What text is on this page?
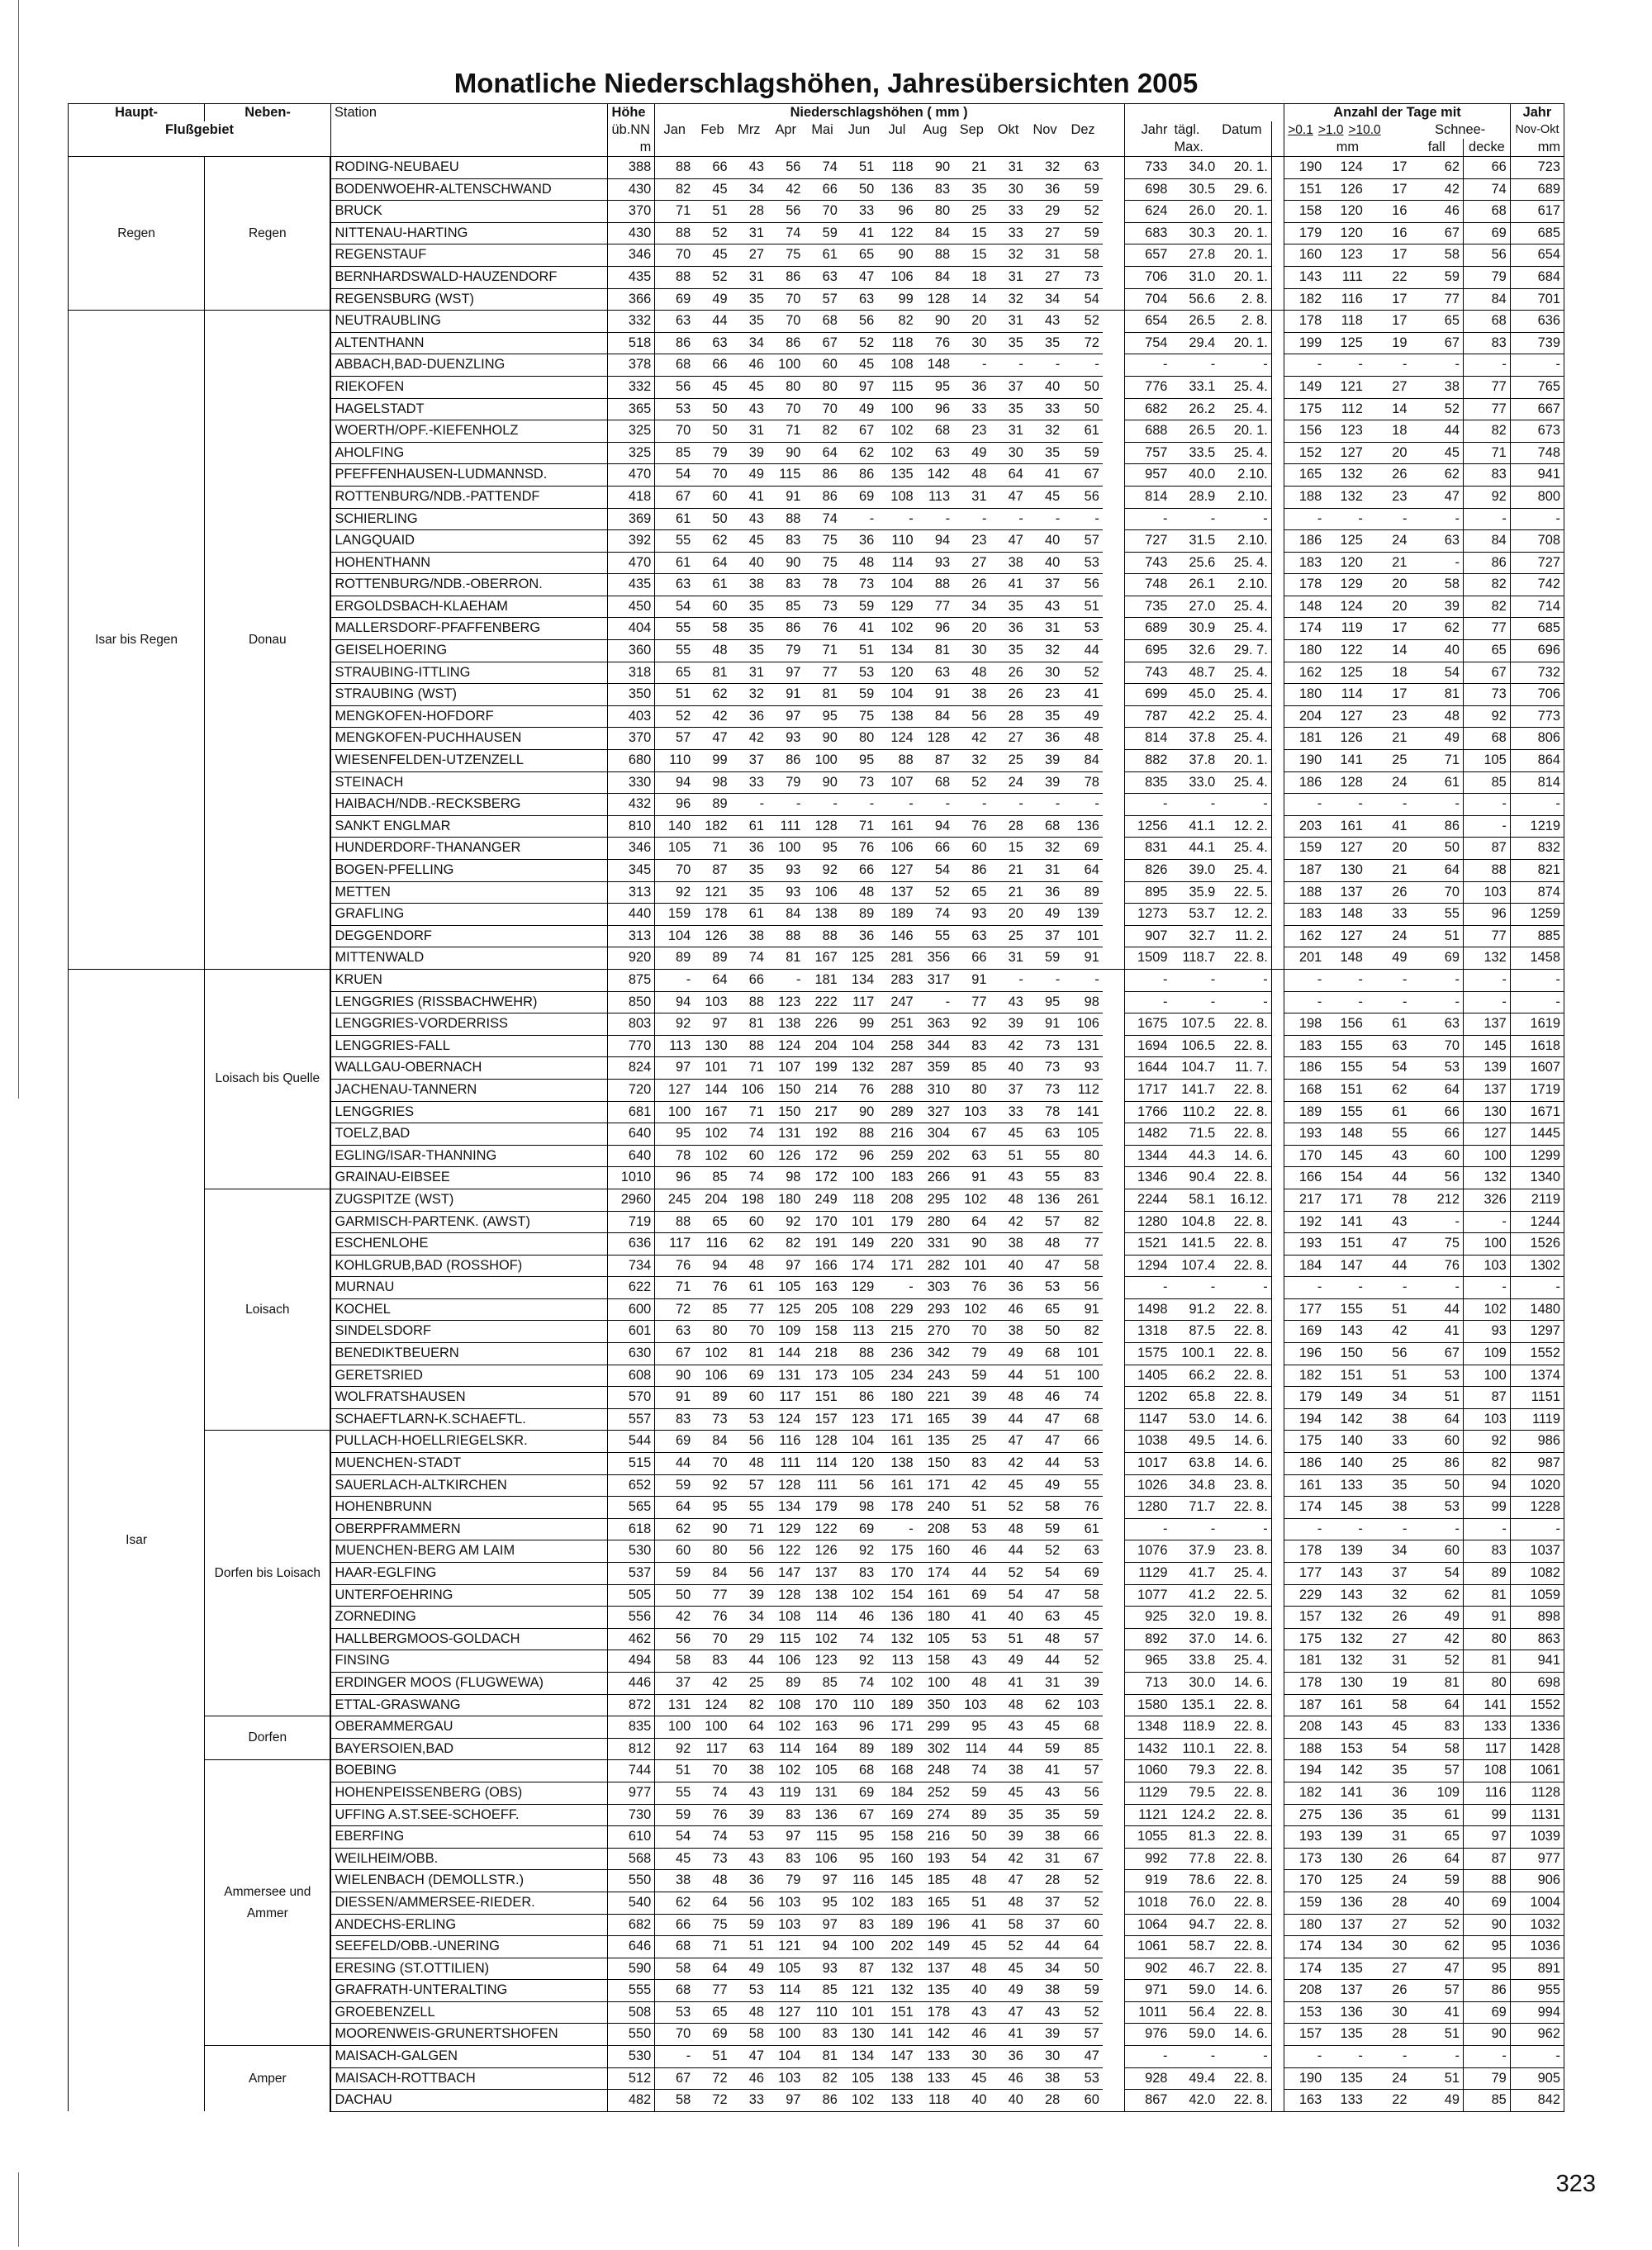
Monatliche Niederschlagshöhen, Jahresübersichten 2005
Haupt-	Neben-	Station	Höhe	Niederschlagshöhen ( mm )																	Anzahl der Tage mit					Jahr
Flußgebiet			üb.NN	Jan	Feb	Mrz	Apr	Mai	Jun	Jul	Aug	Sep	Okt	Nov	Dez		Jahr	tägl.	Datum		>0.1 >1.0 >10.0			Schnee-		Nov-Okt
			m															Max.			mm			fall	decke	mm
Regen	Regen	RODING-NEUBAEU	388	88	66	43	56	74	51	118	90	21	31	32	63		733	34.0	20. 1.		190	124	17	62	66	723
		BODENWOEHR-ALTENSCHWAND	430	82	45	34	42	66	50	136	83	35	30	36	59		698	30.5	29. 6.		151	126	17	42	74	689
		BRUCK	370	71	51	28	56	70	33	96	80	25	33	29	52		624	26.0	20. 1.		158	120	16	46	68	617
		NITTENAU-HARTING	430	88	52	31	74	59	41	122	84	15	33	27	59		683	30.3	20. 1.		179	120	16	67	69	685
		REGENSTAUF	346	70	45	27	75	61	65	90	88	15	32	31	58		657	27.8	20. 1.		160	123	17	58	56	654
		BERNHARDSWALD-HAUZENDORF	435	88	52	31	86	63	47	106	84	18	31	27	73		706	31.0	20. 1.		143	111	22	59	79	684
		REGENSBURG (WST)	366	69	49	35	70	57	63	99	128	14	32	34	54		704	56.6	2. 8.		182	116	17	77	84	701
Isar bis Regen	Donau	NEUTRAUBLING	332	63	44	35	70	68	56	82	90	20	31	43	52		654	26.5	2. 8.		178	118	17	65	68	636
		ALTENTHANN	518	86	63	34	86	67	52	118	76	30	35	35	72		754	29.4	20. 1.		199	125	19	67	83	739
		ABBACH,BAD-DUENZLING	378	68	66	46	100	60	45	108	148	-	-	-	-		-	-	-		-	-	-	-	-	-
		RIEKOFEN	332	56	45	45	80	80	97	115	95	36	37	40	50		776	33.1	25. 4.		149	121	27	38	77	765
		HAGELSTADT	365	53	50	43	70	70	49	100	96	33	35	33	50		682	26.2	25. 4.		175	112	14	52	77	667
		WOERTH/OPF.-KIEFENHOLZ	325	70	50	31	71	82	67	102	68	23	31	32	61		688	26.5	20. 1.		156	123	18	44	82	673
		AHOLFING	325	85	79	39	90	64	62	102	63	49	30	35	59		757	33.5	25. 4.		152	127	20	45	71	748
		PFEFFENHAUSEN-LUDMANNSD.	470	54	70	49	115	86	86	135	142	48	64	41	67		957	40.0	2.10.		165	132	26	62	83	941
		ROTTENBURG/NDB.-PATTENDF	418	67	60	41	91	86	69	108	113	31	47	45	56		814	28.9	2.10.		188	132	23	47	92	800
		SCHIERLING	369	61	50	43	88	74	-	-	-	-	-	-	-		-	-	-		-	-	-	-	-	-
		LANGQUAID	392	55	62	45	83	75	36	110	94	23	47	40	57		727	31.5	2.10.		186	125	24	63	84	708
		HOHENTHANN	470	61	64	40	90	75	48	114	93	27	38	40	53		743	25.6	25. 4.		183	120	21	-	86	727
		ROTTENBURG/NDB.-OBERRON.	435	63	61	38	83	78	73	104	88	26	41	37	56		748	26.1	2.10.		178	129	20	58	82	742
		ERGOLDSBACH-KLAEHAM	450	54	60	35	85	73	59	129	77	34	35	43	51		735	27.0	25. 4.		148	124	20	39	82	714
		MALLERSDORF-PFAFFENBERG	404	55	58	35	86	76	41	102	96	20	36	31	53		689	30.9	25. 4.		174	119	17	62	77	685
		GEISELHOERING	360	55	48	35	79	71	51	134	81	30	35	32	44		695	32.6	29. 7.		180	122	14	40	65	696
		STRAUBING-ITTLING	318	65	81	31	97	77	53	120	63	48	26	30	52		743	48.7	25. 4.		162	125	18	54	67	732
		STRAUBING (WST)	350	51	62	32	91	81	59	104	91	38	26	23	41		699	45.0	25. 4.		180	114	17	81	73	706
		MENGKOFEN-HOFDORF	403	52	42	36	97	95	75	138	84	56	28	35	49		787	42.2	25. 4.		204	127	23	48	92	773
		MENGKOFEN-PUCHHAUSEN	370	57	47	42	93	90	80	124	128	42	27	36	48		814	37.8	25. 4.		181	126	21	49	68	806
		WIESENFELDEN-UTZENZELL	680	110	99	37	86	100	95	88	87	32	25	39	84		882	37.8	20. 1.		190	141	25	71	105	864
		STEINACH	330	94	98	33	79	90	73	107	68	52	24	39	78		835	33.0	25. 4.		186	128	24	61	85	814
		HAIBACH/NDB.-RECKSBERG	432	96	89	-	-	-	-	-	-	-	-	-	-		-	-	-		-	-	-	-	-	-
		SANKT ENGLMAR	810	140	182	61	111	128	71	161	94	76	28	68	136		1256	41.1	12. 2.		203	161	41	86	-	1219
		HUNDERDORF-THANANGER	346	105	71	36	100	95	76	106	66	60	15	32	69		831	44.1	25. 4.		159	127	20	50	87	832
		BOGEN-PFELLING	345	70	87	35	93	92	66	127	54	86	21	31	64		826	39.0	25. 4.		187	130	21	64	88	821
		METTEN	313	92	121	35	93	106	48	137	52	65	21	36	89		895	35.9	22. 5.		188	137	26	70	103	874
		GRAFLING	440	159	178	61	84	138	89	189	74	93	20	49	139		1273	53.7	12. 2.		183	148	33	55	96	1259
		DEGGENDORF	313	104	126	38	88	88	36	146	55	63	25	37	101		907	32.7	11. 2.		162	127	24	51	77	885
		MITTENWALD	920	89	89	74	81	167	125	281	356	66	31	59	91		1509	118.7	22. 8.		201	148	49	69	132	1458
Isar	Loisach bis Quelle	KRUEN	875	-	64	66	-	181	134	283	317	91	-	-	-		-	-	-		-	-	-	-	-	-
		LENGGRIES (RISSBACHWEHR)	850	94	103	88	123	222	117	247	-	77	43	95	98		-	-	-		-	-	-	-	-	-
		LENGGRIES-VORDERRISS	803	92	97	81	138	226	99	251	363	92	39	91	106		1675	107.5	22. 8.		198	156	61	63	137	1619
		LENGGRIES-FALL	770	113	130	88	124	204	104	258	344	83	42	73	131		1694	106.5	22. 8.		183	155	63	70	145	1618
		WALLGAU-OBERNACH	824	97	101	71	107	199	132	287	359	85	40	73	93		1644	104.7	11. 7.		186	155	54	53	139	1607
		JACHENAU-TANNERN	720	127	144	106	150	214	76	288	310	80	37	73	112		1717	141.7	22. 8.		168	151	62	64	137	1719
		LENGGRIES	681	100	167	71	150	217	90	289	327	103	33	78	141		1766	110.2	22. 8.		189	155	61	66	130	1671
		TOELZ,BAD	640	95	102	74	131	192	88	216	304	67	45	63	105		1482	71.5	22. 8.		193	148	55	66	127	1445
		EGLING/ISAR-THANNING	640	78	102	60	126	172	96	259	202	63	51	55	80		1344	44.3	14. 6.		170	145	43	60	100	1299
		GRAINAU-EIBSEE	1010	96	85	74	98	172	100	183	266	91	43	55	83		1346	90.4	22. 8.		166	154	44	56	132	1340
	Loisach	ZUGSPITZE (WST)	2960	245	204	198	180	249	118	208	295	102	48	136	261		2244	58.1	16.12.		217	171	78	212	326	2119
		GARMISCH-PARTENK. (AWST)	719	88	65	60	92	170	101	179	280	64	42	57	82		1280	104.8	22. 8.		192	141	43	-	-	1244
		ESCHENLOHE	636	117	116	62	82	191	149	220	331	90	38	48	77		1521	141.5	22. 8.		193	151	47	75	100	1526
		KOHLGRUB,BAD (ROSSHOF)	734	76	94	48	97	166	174	171	282	101	40	47	58		1294	107.4	22. 8.		184	147	44	76	103	1302
		MURNAU	622	71	76	61	105	163	129	-	303	76	36	53	56		-	-	-		-	-	-	-	-	-
		KOCHEL	600	72	85	77	125	205	108	229	293	102	46	65	91		1498	91.2	22. 8.		177	155	51	44	102	1480
		SINDELSDORF	601	63	80	70	109	158	113	215	270	70	38	50	82		1318	87.5	22. 8.		169	143	42	41	93	1297
		BENEDIKTBEUERN	630	67	102	81	144	218	88	236	342	79	49	68	101		1575	100.1	22. 8.		196	150	56	67	109	1552
		GERETSRIED	608	90	106	69	131	173	105	234	243	59	44	51	100		1405	66.2	22. 8.		182	151	51	53	100	1374
		WOLFRATSHAUSEN	570	91	89	60	117	151	86	180	221	39	48	46	74		1202	65.8	22. 8.		179	149	34	51	87	1151
		SCHAEFTLARN-K.SCHAEFTL.	557	83	73	53	124	157	123	171	165	39	44	47	68		1147	53.0	14. 6.		194	142	38	64	103	1119
	Dorfen bis Loisach	PULLACH-HOELLRIEGELSKR.	544	69	84	56	116	128	104	161	135	25	47	47	66		1038	49.5	14. 6.		175	140	33	60	92	986
		MUENCHEN-STADT	515	44	70	48	111	114	120	138	150	83	42	44	53		1017	63.8	14. 6.		186	140	25	86	82	987
		SAUERLACH-ALTKIRCHEN	652	59	92	57	128	111	56	161	171	42	45	49	55		1026	34.8	23. 8.		161	133	35	50	94	1020
		HOHENBRUNN	565	64	95	55	134	179	98	178	240	51	52	58	76		1280	71.7	22. 8.		174	145	38	53	99	1228
		OBERPFRAMMERN	618	62	90	71	129	122	69	-	208	53	48	59	61		-	-	-		-	-	-	-	-	-
		MUENCHEN-BERG AM LAIM	530	60	80	56	122	126	92	175	160	46	44	52	63		1076	37.9	23. 8.		178	139	34	60	83	1037
		HAAR-EGLFING	537	59	84	56	147	137	83	170	174	44	52	54	69		1129	41.7	25. 4.		177	143	37	54	89	1082
		UNTERFOEHRING	505	50	77	39	128	138	102	154	161	69	54	47	58		1077	41.2	22. 5.		229	143	32	62	81	1059
		ZORNEDING	556	42	76	34	108	114	46	136	180	41	40	63	45		925	32.0	19. 8.		157	132	26	49	91	898
		HALLBERGMOOS-GOLDACH	462	56	70	29	115	102	74	132	105	53	51	48	57		892	37.0	14. 6.		175	132	27	42	80	863
		FINSING	494	58	83	44	106	123	92	113	158	43	49	44	52		965	33.8	25. 4.		181	132	31	52	81	941
		ERDINGER MOOS (FLUGWEWA)	446	37	42	25	89	85	74	102	100	48	41	31	39		713	30.0	14. 6.		178	130	19	81	80	698
		ETTAL-GRASWANG	872	131	124	82	108	170	110	189	350	103	48	62	103		1580	135.1	22. 8.		187	161	58	64	141	1552
	Dorfen	OBERAMMERGAU	835	100	100	64	102	163	96	171	299	95	43	45	68		1348	118.9	22. 8.		208	143	45	83	133	1336
		BAYERSOIEN,BAD	812	92	117	63	114	164	89	189	302	114	44	59	85		1432	110.1	22. 8.		188	153	54	58	117	1428
	Ammersee und Ammer	BOEBING	744	51	70	38	102	105	68	168	248	74	38	41	57		1060	79.3	22. 8.		194	142	35	57	108	1061
		HOHENPEISSENBERG (OBS)	977	55	74	43	119	131	69	184	252	59	45	43	56		1129	79.5	22. 8.		182	141	36	109	116	1128
		UFFING A.ST.SEE-SCHOEFF.	730	59	76	39	83	136	67	169	274	89	35	35	59		1121	124.2	22. 8.		275	136	35	61	99	1131
		EBERFING	610	54	74	53	97	115	95	158	216	50	39	38	66		1055	81.3	22. 8.		193	139	31	65	97	1039
		WEILHEIM/OBB.	568	45	73	43	83	106	95	160	193	54	42	31	67		992	77.8	22. 8.		173	130	26	64	87	977
		WIELENBACH (DEMOLLSTR.)	550	38	48	36	79	97	116	145	185	48	47	28	52		919	78.6	22. 8.		170	125	24	59	88	906
		DIESSEN/AMMERSEE-RIEDER.	540	62	64	56	103	95	102	183	165	51	48	37	52		1018	76.0	22. 8.		159	136	28	40	69	1004
		ANDECHS-ERLING	682	66	75	59	103	97	83	189	196	41	58	37	60		1064	94.7	22. 8.		180	137	27	52	90	1032
		SEEFELD/OBB.-UNERING	646	68	71	51	121	94	100	202	149	45	52	44	64		1061	58.7	22. 8.		174	134	30	62	95	1036
		ERESING (ST.OTTILIEN)	590	58	64	49	105	93	87	132	137	48	45	34	50		902	46.7	22. 8.		174	135	27	47	95	891
		GRAFRATH-UNTERALTING	555	68	77	53	114	85	121	132	135	40	49	38	59		971	59.0	14. 6.		208	137	26	57	86	955
		GROEBENZELL	508	53	65	48	127	110	101	151	178	43	47	43	52		1011	56.4	22. 8.		153	136	30	41	69	994
		MOORENWEIS-GRUNERTSHOFEN	550	70	69	58	100	83	130	141	142	46	41	39	57		976	59.0	14. 6.		157	135	28	51	90	962
	Amper	MAISACH-GALGEN	530	-	51	47	104	81	134	147	133	30	36	30	47		-	-	-		-	-	-	-	-	-
		MAISACH-ROTTBACH	512	67	72	46	103	82	105	138	133	45	46	38	53		928	49.4	22. 8.		190	135	24	51	79	905
		DACHAU	482	58	72	33	97	86	102	133	118	40	40	28	60		867	42.0	22. 8.		163	133	22	49	85	842
323
